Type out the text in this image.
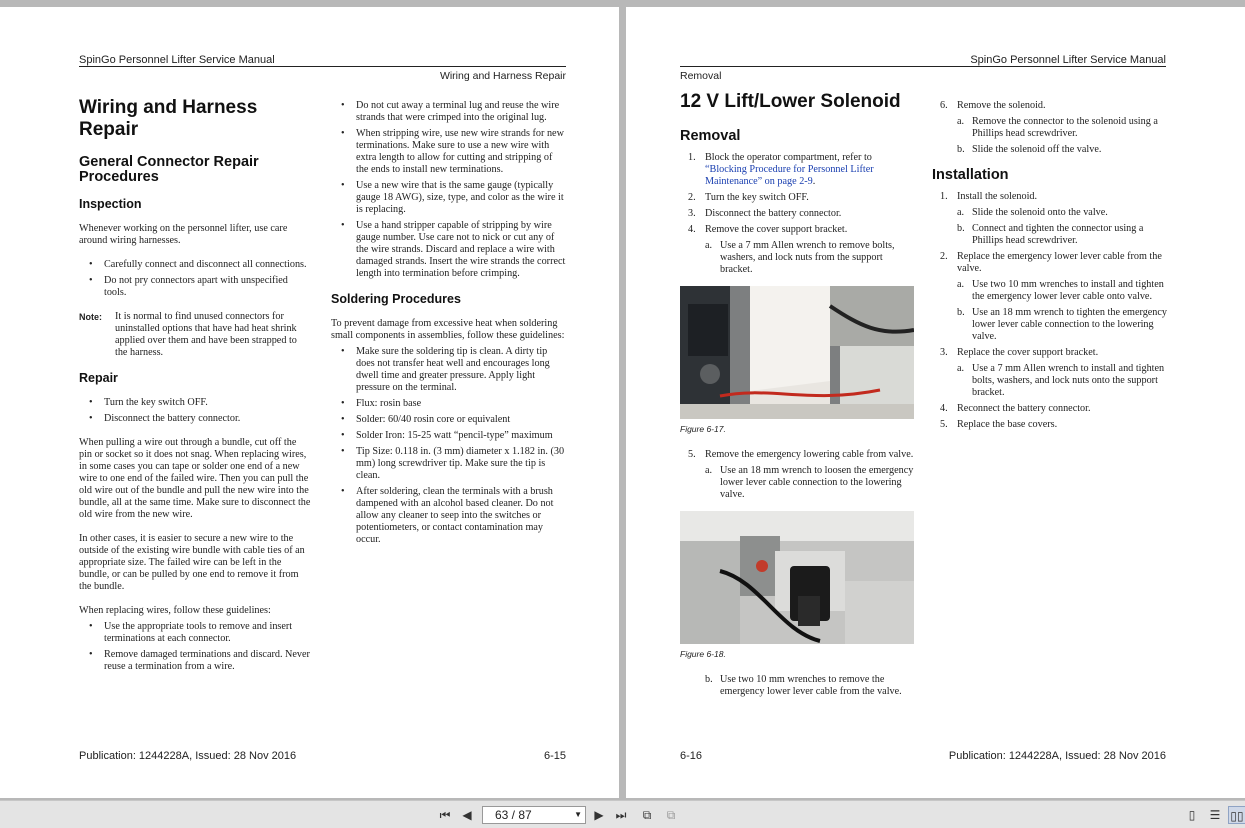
SpinGo Personnel Lifter Service Manual
Wiring and Harness Repair
Wiring and Harness Repair
General Connector Repair Procedures
Inspection

Whenever working on the personnel lifter, use care around wiring harnesses.

• Carefully connect and disconnect all connections.
• Do not pry connectors apart with unspecified tools.
Note:	It is normal to find unused connectors for uninstalled options that have had heat shrink applied over them and have been strapped to the harness.
Repair
• Turn the key switch OFF.
• Disconnect the battery connector.

When pulling a wire out through a bundle, cut off the pin or socket so it does not snag. When replacing wires, in some cases you can tape or solder one end of a new wire to one end of the failed wire. Then you can pull the old wire out of the bundle and pull the new wire into the bundle, all at the same time. Make sure to disconnect the old wire from the new wire.

In other cases, it is easier to secure a new wire to the outside of the existing wire bundle with cable ties of an appropriate size. The failed wire can be left in the bundle, or can be pulled by one end to remove it from the bundle.

When replacing wires, follow these guidelines:

• Use the appropriate tools to remove and insert terminations at each connector.
• Remove damaged terminations and discard. Never reuse a termination from a wire.
• Do not cut away a terminal lug and reuse the wire strands that were crimped into the original lug.
• When stripping wire, use new wire strands for new terminations. Make sure to use a new wire with extra length to allow for cutting and stripping of the ends to install new terminations.
• Use a new wire that is the same gauge (typically gauge 18 AWG), size, type, and color as the wire it is replacing.
• Use a hand stripper capable of stripping by wire gauge number. Use care not to nick or cut any of the wire strands. Discard and replace a wire with damaged strands. Insert the wire strands the correct length into termination before crimping.
Soldering Procedures

To prevent damage from excessive heat when soldering small components in assemblies, follow these guidelines:

• Make sure the soldering tip is clean. A dirty tip does not transfer heat well and encourages long dwell time and greater pressure. Apply light pressure on the terminal.
• Flux: rosin base
• Solder: 60/40 rosin core or equivalent
• Solder Iron: 15-25 watt “pencil-type” maximum
• Tip Size: 0.118 in. (3 mm) diameter x 1.182 in. (30 mm) long screwdriver tip. Make sure the tip is clean.
• After soldering, clean the terminals with a brush dampened with an alcohol based cleaner. Do not allow any cleaner to seep into the switches or potentiometers, or contact contamination may occur.
Publication: 1244228A, Issued: 28 Nov 2016	6-15
SpinGo Personnel Lifter Service Manual
Removal
12 V Lift/Lower Solenoid
Removal
1. Block the operator compartment, refer to “Blocking Procedure for Personnel Lifter Maintenance” on page 2-9.
2. Turn the key switch OFF.
3. Disconnect the battery connector.
4. Remove the cover support bracket.
a. Use a 7 mm Allen wrench to remove bolts, washers, and lock nuts from the support bracket.
Figure 6-17.
5. Remove the emergency lowering cable from valve.
a. Use an 18 mm wrench to loosen the emergency lower lever cable connection to the lowering valve.
Figure 6-18.
b. Use two 10 mm wrenches to remove the emergency lower lever cable from the valve.
6. Remove the solenoid.
a. Remove the connector to the solenoid using a Phillips head screwdriver.
b. Slide the solenoid off the valve.
Installation
1. Install the solenoid.
a. Slide the solenoid onto the valve.
b. Connect and tighten the connector using a Phillips head screwdriver.
2. Replace the emergency lower lever cable from the valve.
a. Use two 10 mm wrenches to install and tighten the emergency lower lever cable onto valve.
b. Use an 18 mm wrench to tighten the emergency lower lever cable connection to the lowering valve.
3. Replace the cover support bracket.
a. Use a 7 mm Allen wrench to install and tighten bolts, washers, and lock nuts onto the support bracket.
4. Reconnect the battery connector.
5. Replace the base covers.
6-16	Publication: 1244228A, Issued: 28 Nov 2016
⏮ ◀	63 / 87	▼	▶ ⏭	⧉	⧉	▯	☰ ▯▯
